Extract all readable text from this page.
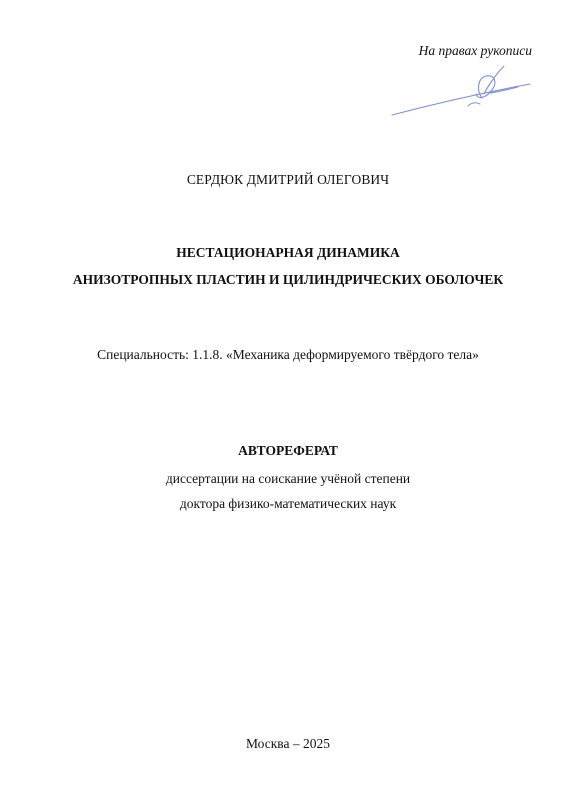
На правах рукописи
СЕРДЮК ДМИТРИЙ ОЛЕГОВИЧ
НЕСТАЦИОНАРНАЯ ДИНАМИКА
АНИЗОТРОПНЫХ ПЛАСТИН И ЦИЛИНДРИЧЕСКИХ ОБОЛОЧЕК
Специальность: 1.1.8. «Механика деформируемого твёрдого тела»
АВТОРЕФЕРАТ
диссертации на соискание учёной степени
доктора физико-математических наук
Москва – 2025
